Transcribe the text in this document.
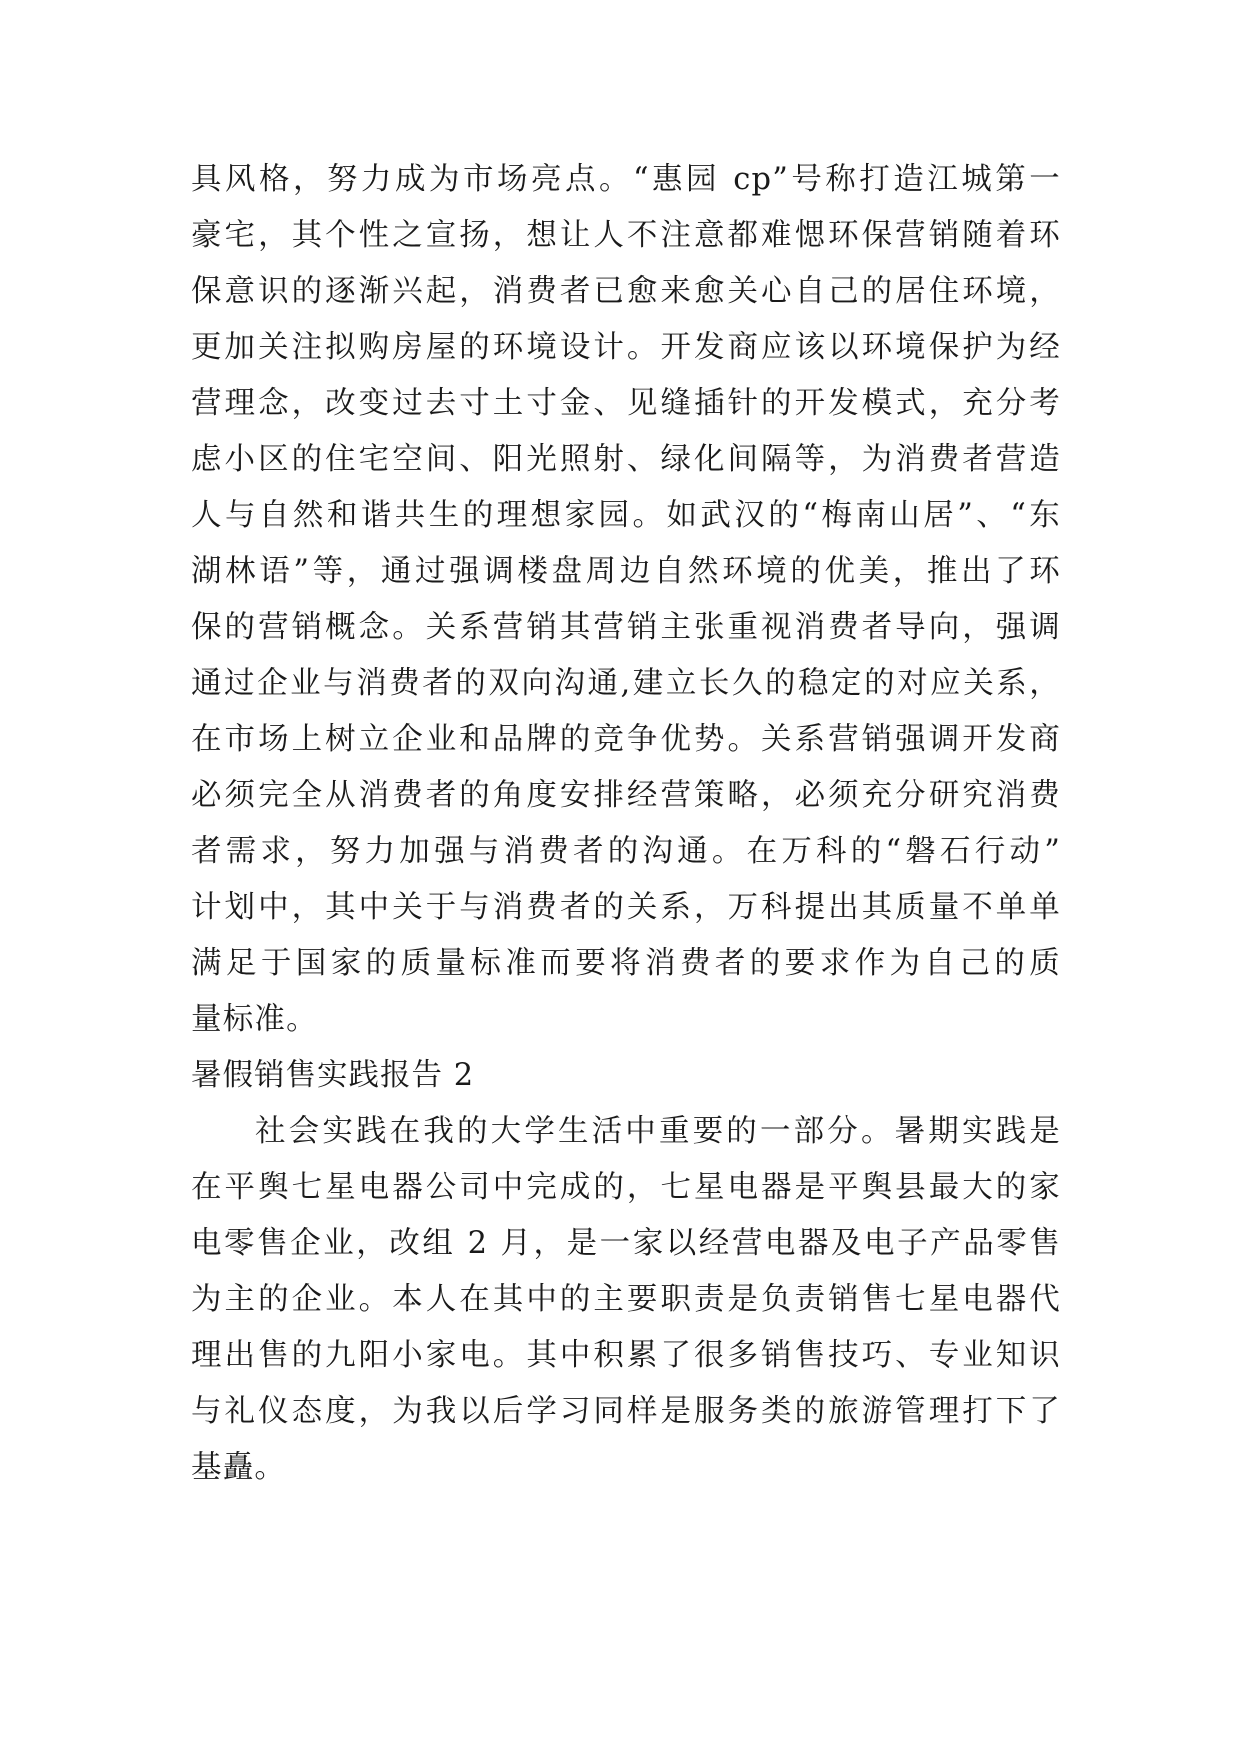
具风格，努力成为市场亮点。“惠园 cp”号称打造江城第一
豪宅，其个性之宣扬，想让人不注意都难愢环保营销随着环
保意识的逐渐兴起，消费者已愈来愈关心自己的居住环境，
更加关注拟购房屋的环境设计。开发商应该以环境保护为经
营理念，改变过去寸土寸金、见缝插针的开发模式，充分考
虑小区的住宅空间、阳光照射、绿化间隔等，为消费者营造
人与自然和谐共生的理想家园。如武汉的“梅南山居”、“东
湖林语”等，通过强调楼盘周边自然环境的优美，推出了环
保的营销概念。关系营销其营销主张重视消费者导向，强调
通过企业与消费者的双向沟通,建立长久的稳定的对应关系，
在市场上树立企业和品牌的竞争优势。关系营销强调开发商
必须完全从消费者的角度安排经营策略，必须充分研究消费
者需求，努力加强与消费者的沟通。在万科的“磐石行动”
计划中，其中关于与消费者的关系，万科提出其质量不单单
满足于国家的质量标准而要将消费者的要求作为自己的质
量标准。
暑假销售实践报告 2
社会实践在我的大学生活中重要的一部分。暑期实践是
在平舆七星电器公司中完成的，七星电器是平舆县最大的家
电零售企业，改组 2 月，是一家以经营电器及电子产品零售
为主的企业。本人在其中的主要职责是负责销售七星电器代
理出售的九阳小家电。其中积累了很多销售技巧、专业知识
与礼仪态度，为我以后学习同样是服务类的旅游管理打下了
基矗。
